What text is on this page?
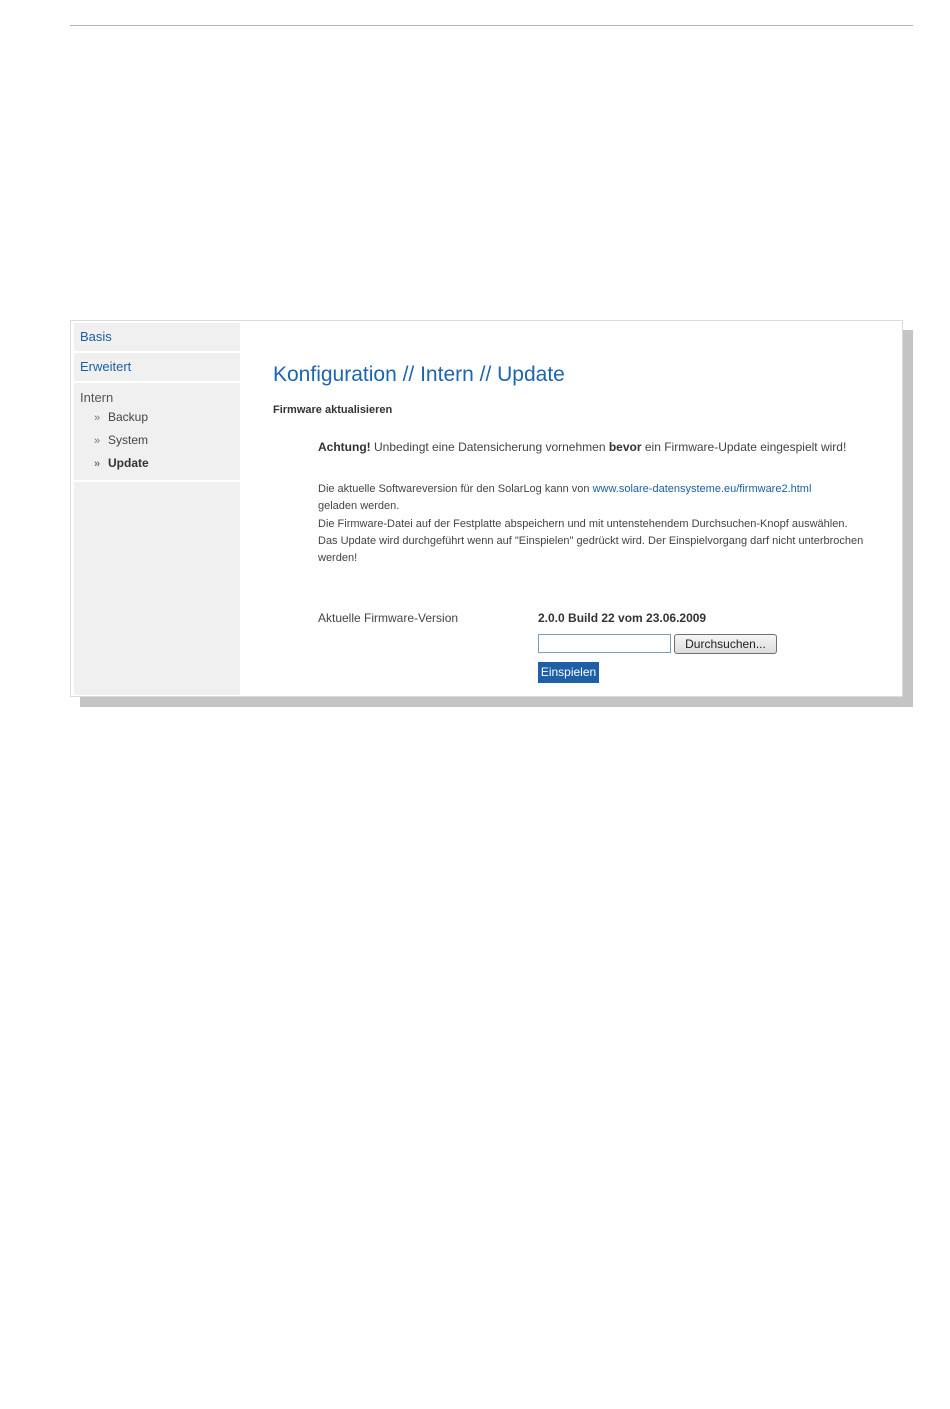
Basis
Erweitert
Intern
» Backup
» System
» Update
Konfiguration // Intern // Update
Firmware aktualisieren
Achtung! Unbedingt eine Datensicherung vornehmen bevor ein Firmware-Update eingespielt wird!
Die aktuelle Softwareversion für den SolarLog kann von www.solare-datensysteme.eu/firmware2.html
geladen werden.
Die Firmware-Datei auf der Festplatte abspeichern und mit untenstehendem Durchsuchen-Knopf auswählen.
Das Update wird durchgeführt wenn auf "Einspielen" gedrückt wird. Der Einspielvorgang darf nicht unterbrochen werden!
Aktuelle Firmware-Version	2.0.0 Build 22 vom 23.06.2009
Durchsuchen...
Einspielen
